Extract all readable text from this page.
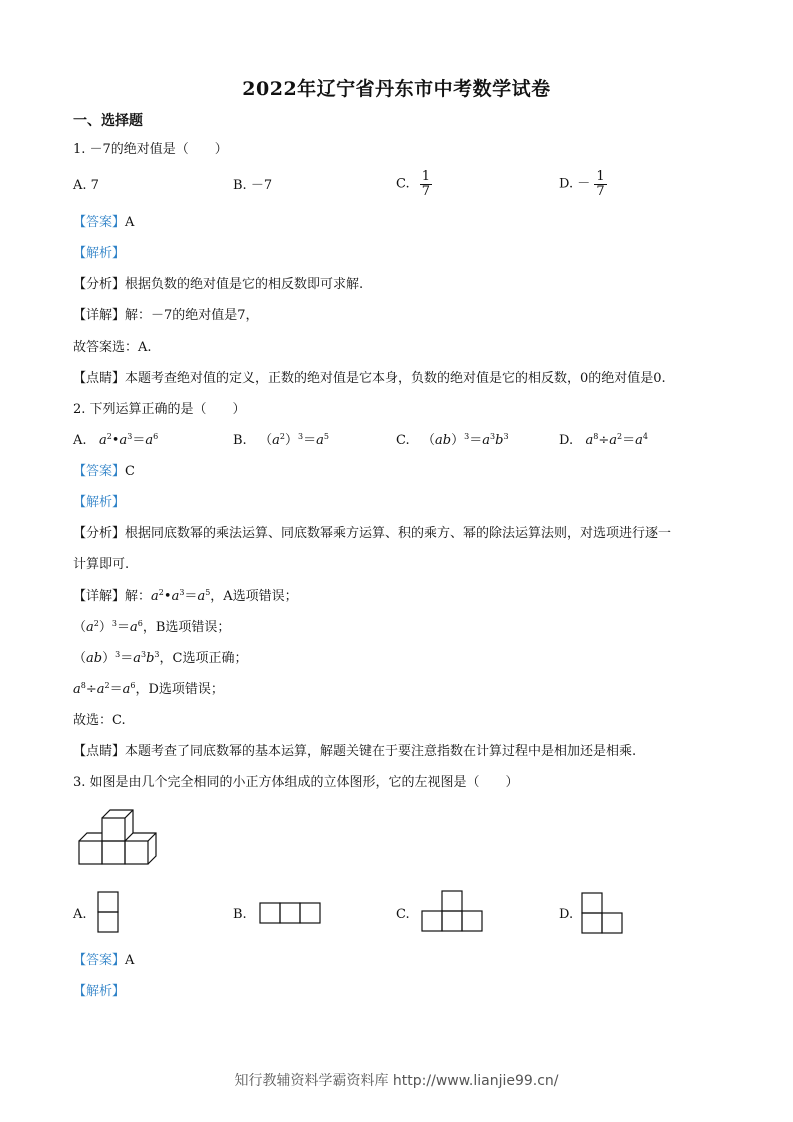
2022年辽宁省丹东市中考数学试卷
一、选择题
1. －7的绝对值是（　　）
A. 7	B. －7	C. $\frac{1}{7}$	D. － $\frac{1}{7}$
【答案】A
【解析】
【分析】根据负数的绝对值是它的相反数即可求解.
【详解】解：－7的绝对值是7，
故答案选：A.
【点睛】本题考查绝对值的定义，正数的绝对值是它本身，负数的绝对值是它的相反数，0的绝对值是0.
2. 下列运算正确的是（　　）
A. $a^2•a^3=a^6$	B. $(a^2)^3=a^5$	C. $(ab)^3=a^3b^3$	D. $a^8\div a^2=a^4$
【答案】C
【解析】
【分析】根据同底数幂的乘法运算、同底数幂乘方运算、积的乘方、幂的除法运算法则，对选项进行逐一
计算即可.
【详解】解：$a^2•a^3=a^5$，A选项错误；
$(a^2)^3=a^6$，B选项错误；
$(ab)^3=a^3b^3$，C选项正确；
$a^8\div a^2=a^6$，D选项错误；
故选：C.
【点睛】本题考查了同底数幂的基本运算，解题关键在于要注意指数在计算过程中是相加还是相乘.
3. 如图是由几个完全相同的小正方体组成的立体图形，它的左视图是（　　）
A.	B.	C.	D.
【答案】A
【解析】
知行教辅资料学霸资料库 http://www.lianjie99.cn/
